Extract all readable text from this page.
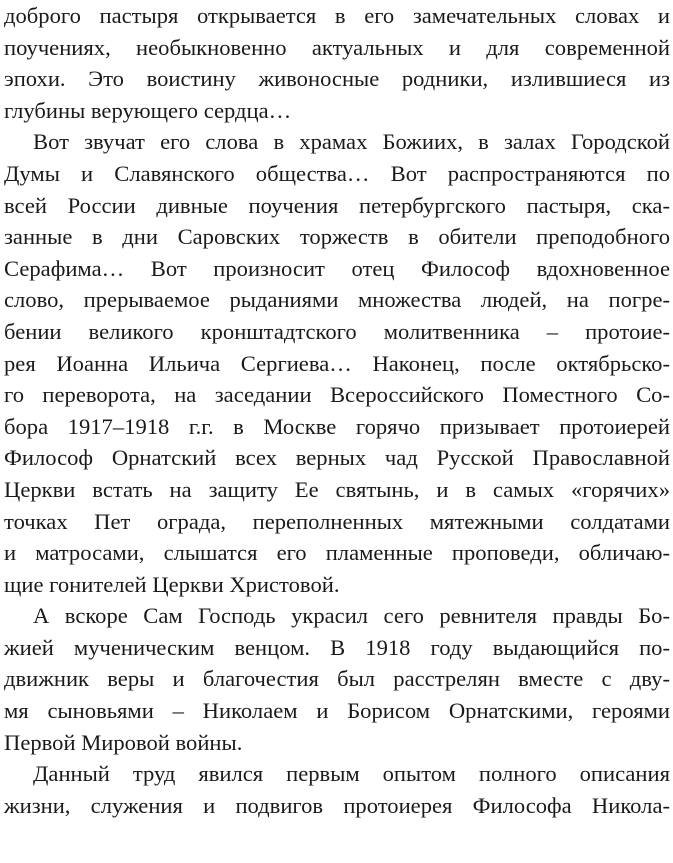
доброго пастыря открывается в его замечательных словах и
поучениях, необыкновенно актуальных и для современной
эпохи. Это воистину живоносные родники, излившиеся из
глубины верующего сердца…
Вот звучат его слова в храмах Божиих, в залах Городской
Думы и Славянского общества… Вот распространяются по
всей России дивные поучения петербургского пастыря, ска-
занные в дни Саровских торжеств в обители преподобного
Серафима… Вот произносит отец Философ вдохновенное
слово, прерываемое рыданиями множества людей, на погре-
бении великого кронштадтского молитвенника – протоие-
рея Иоанна Ильича Сергиева… Наконец, после октябрьско-
го переворота, на заседании Всероссийского Поместного Со-
бора 1917–1918 г.г. в Москве горячо призывает протоиерей
Философ Орнатский всех верных чад Русской Православной
Церкви встать на защиту Ее святынь, и в самых «горячих»
точках Пет ограда, переполненных мятежными солдатами
и матросами, слышатся его пламенные проповеди, обличаю-
щие гонителей Церкви Христовой.
А вскоре Сам Господь украсил сего ревнителя правды Бо-
жией мученическим венцом. В 1918 году выдающийся по-
движник веры и благочестия был расстрелян вместе с дву-
мя сыновьями – Николаем и Борисом Орнатскими, героями
Первой Мировой войны.
Данный труд явился первым опытом полного описания
жизни, служения и подвигов протоиерея Философа Никола-
